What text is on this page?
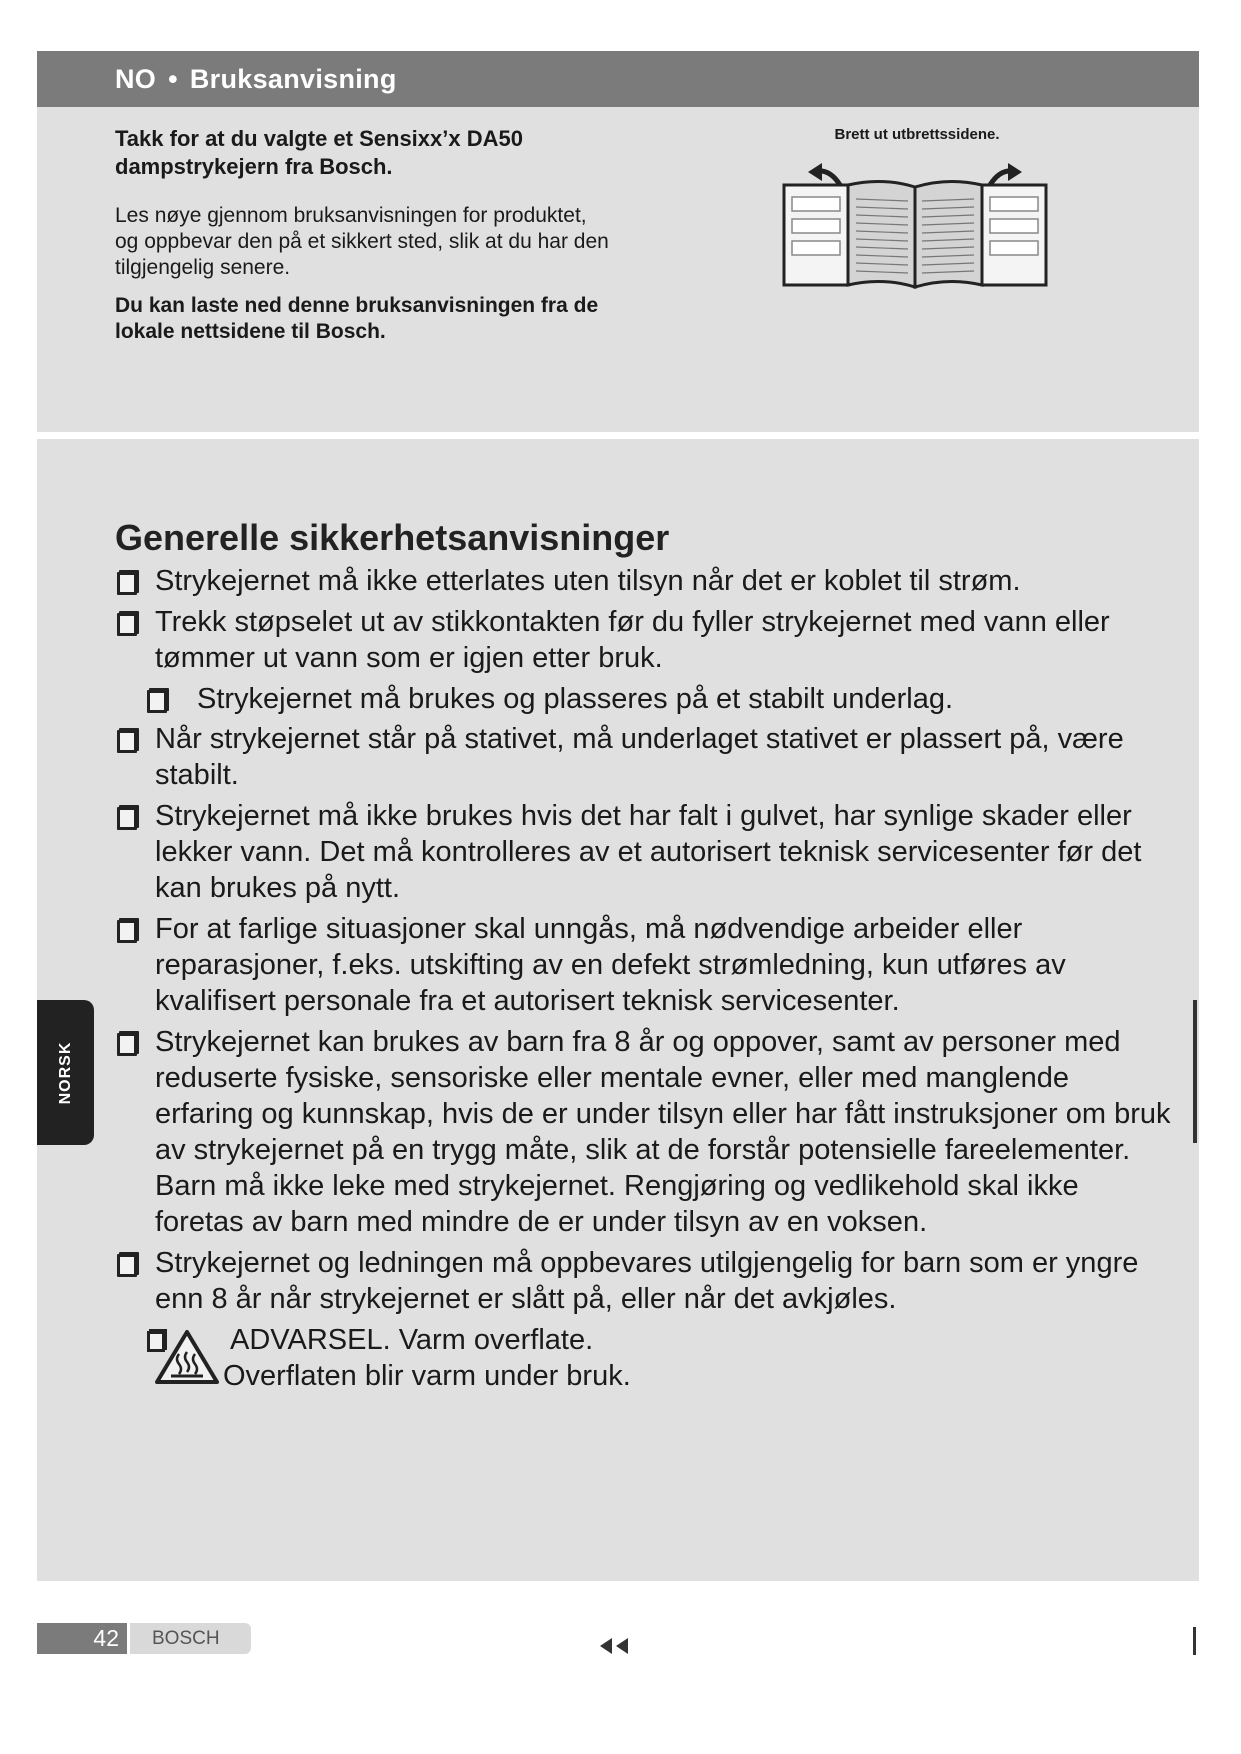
NO • Bruksanvisning

Takk for at du valgte et Sensixx’x DA50 dampstrykejern fra Bosch.

Les nøye gjennom bruksanvisningen for produktet, og oppbevar den på et sikkert sted, slik at du har den tilgjengelig senere.

Du kan laste ned denne bruksanvisningen fra de lokale nettsidene til Bosch.

Brett ut utbrettssidene.
Generelle sikkerhetsanvisninger
Strykejernet må ikke etterlates uten tilsyn når det er koblet til strøm.
Trekk støpselet ut av stikkontakten før du fyller strykejernet med vann eller tømmer ut vann som er igjen etter bruk.
Strykejernet må brukes og plasseres på et stabilt underlag.
Når strykejernet står på stativet, må underlaget stativet er plassert på, være stabilt.
Strykejernet må ikke brukes hvis det har falt i gulvet, har synlige skader eller lekker vann. Det må kontrolleres av et autorisert teknisk servicesenter før det kan brukes på nytt.
For at farlige situasjoner skal unngås, må nødvendige arbeider eller reparasjoner, f.eks. utskifting av en defekt strømledning, kun utføres av kvalifisert personale fra et autorisert teknisk servicesenter.
Strykejernet kan brukes av barn fra 8 år og oppover, samt av personer med reduserte fysiske, sensoriske eller mentale evner, eller med manglende erfaring og kunnskap, hvis de er under tilsyn eller har fått instruksjoner om bruk av strykejernet på en trygg måte, slik at de forstår potensielle fareelementer. Barn må ikke leke med strykejernet. Rengjøring og vedlikehold skal ikke foretas av barn med mindre de er under tilsyn av en voksen.
Strykejernet og ledningen må oppbevares utilgjengelig for barn som er yngre enn 8 år når strykejernet er slått på, eller når det avkjøles.
ADVARSEL. Varm overflate.
Overflaten blir varm under bruk.
NORSK
42	BOSCH
